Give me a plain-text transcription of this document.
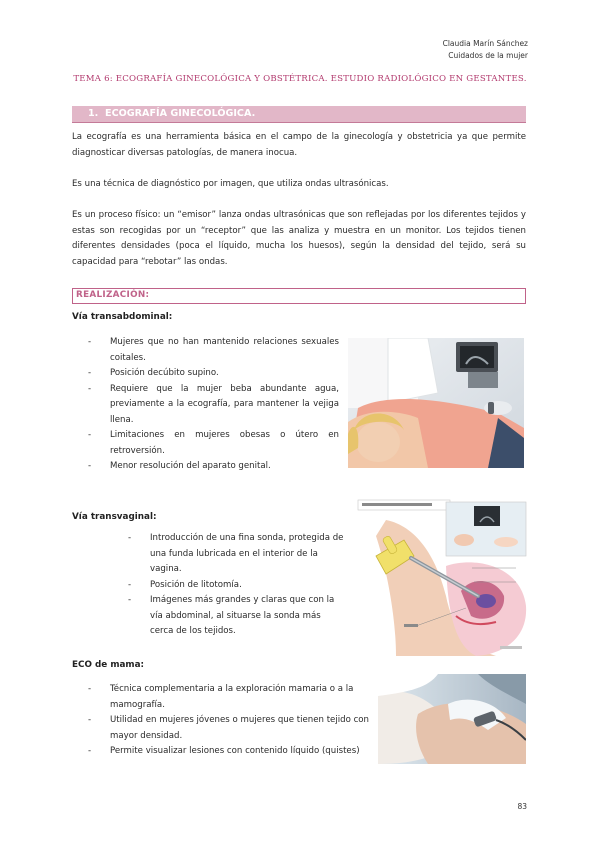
Claudia Marín Sánchez
Cuidados de la mujer
TEMA 6: ECOGRAFÍA GINECOLÓGICA Y OBSTÉTRICA. ESTUDIO RADIOLÓGICO EN GESTANTES.
1. ECOGRAFÍA GINECOLÓGICA.
La ecografía es una herramienta básica en el campo de la ginecología y obstetricia ya que permite diagnosticar diversas patologías, de manera inocua.
Es una técnica de diagnóstico por imagen, que utiliza ondas ultrasónicas.
Es un proceso físico: un “emisor” lanza ondas ultrasónicas que son reflejadas por los diferentes tejidos y estas son recogidas por un “receptor” que las analiza y muestra en un monitor. Los tejidos tienen diferentes densidades (poca el líquido, mucha los huesos), según la densidad del tejido, será su capacidad para “rebotar” las ondas.
REALIZACIÓN:
Vía transabdominal:
- Mujeres que no han mantenido relaciones sexuales coitales.
- Posición decúbito supino.
- Requiere que la mujer beba abundante agua, previamente a la ecografía, para mantener la vejiga llena.
- Limitaciones en mujeres obesas o útero en retroversión.
- Menor resolución del aparato genital.
Vía transvaginal:
- Introducción de una fina sonda, protegida de una funda lubricada en el interior de la vagina.
- Posición de litotomía.
- Imágenes más grandes y claras que con la vía abdominal, al situarse la sonda más cerca de los tejidos.
ECO de mama:
- Técnica complementaria a la exploración mamaria o a la mamografía.
- Utilidad en mujeres jóvenes o mujeres que tienen tejido con mayor densidad.
- Permite visualizar lesiones con contenido líquido (quistes)
83
